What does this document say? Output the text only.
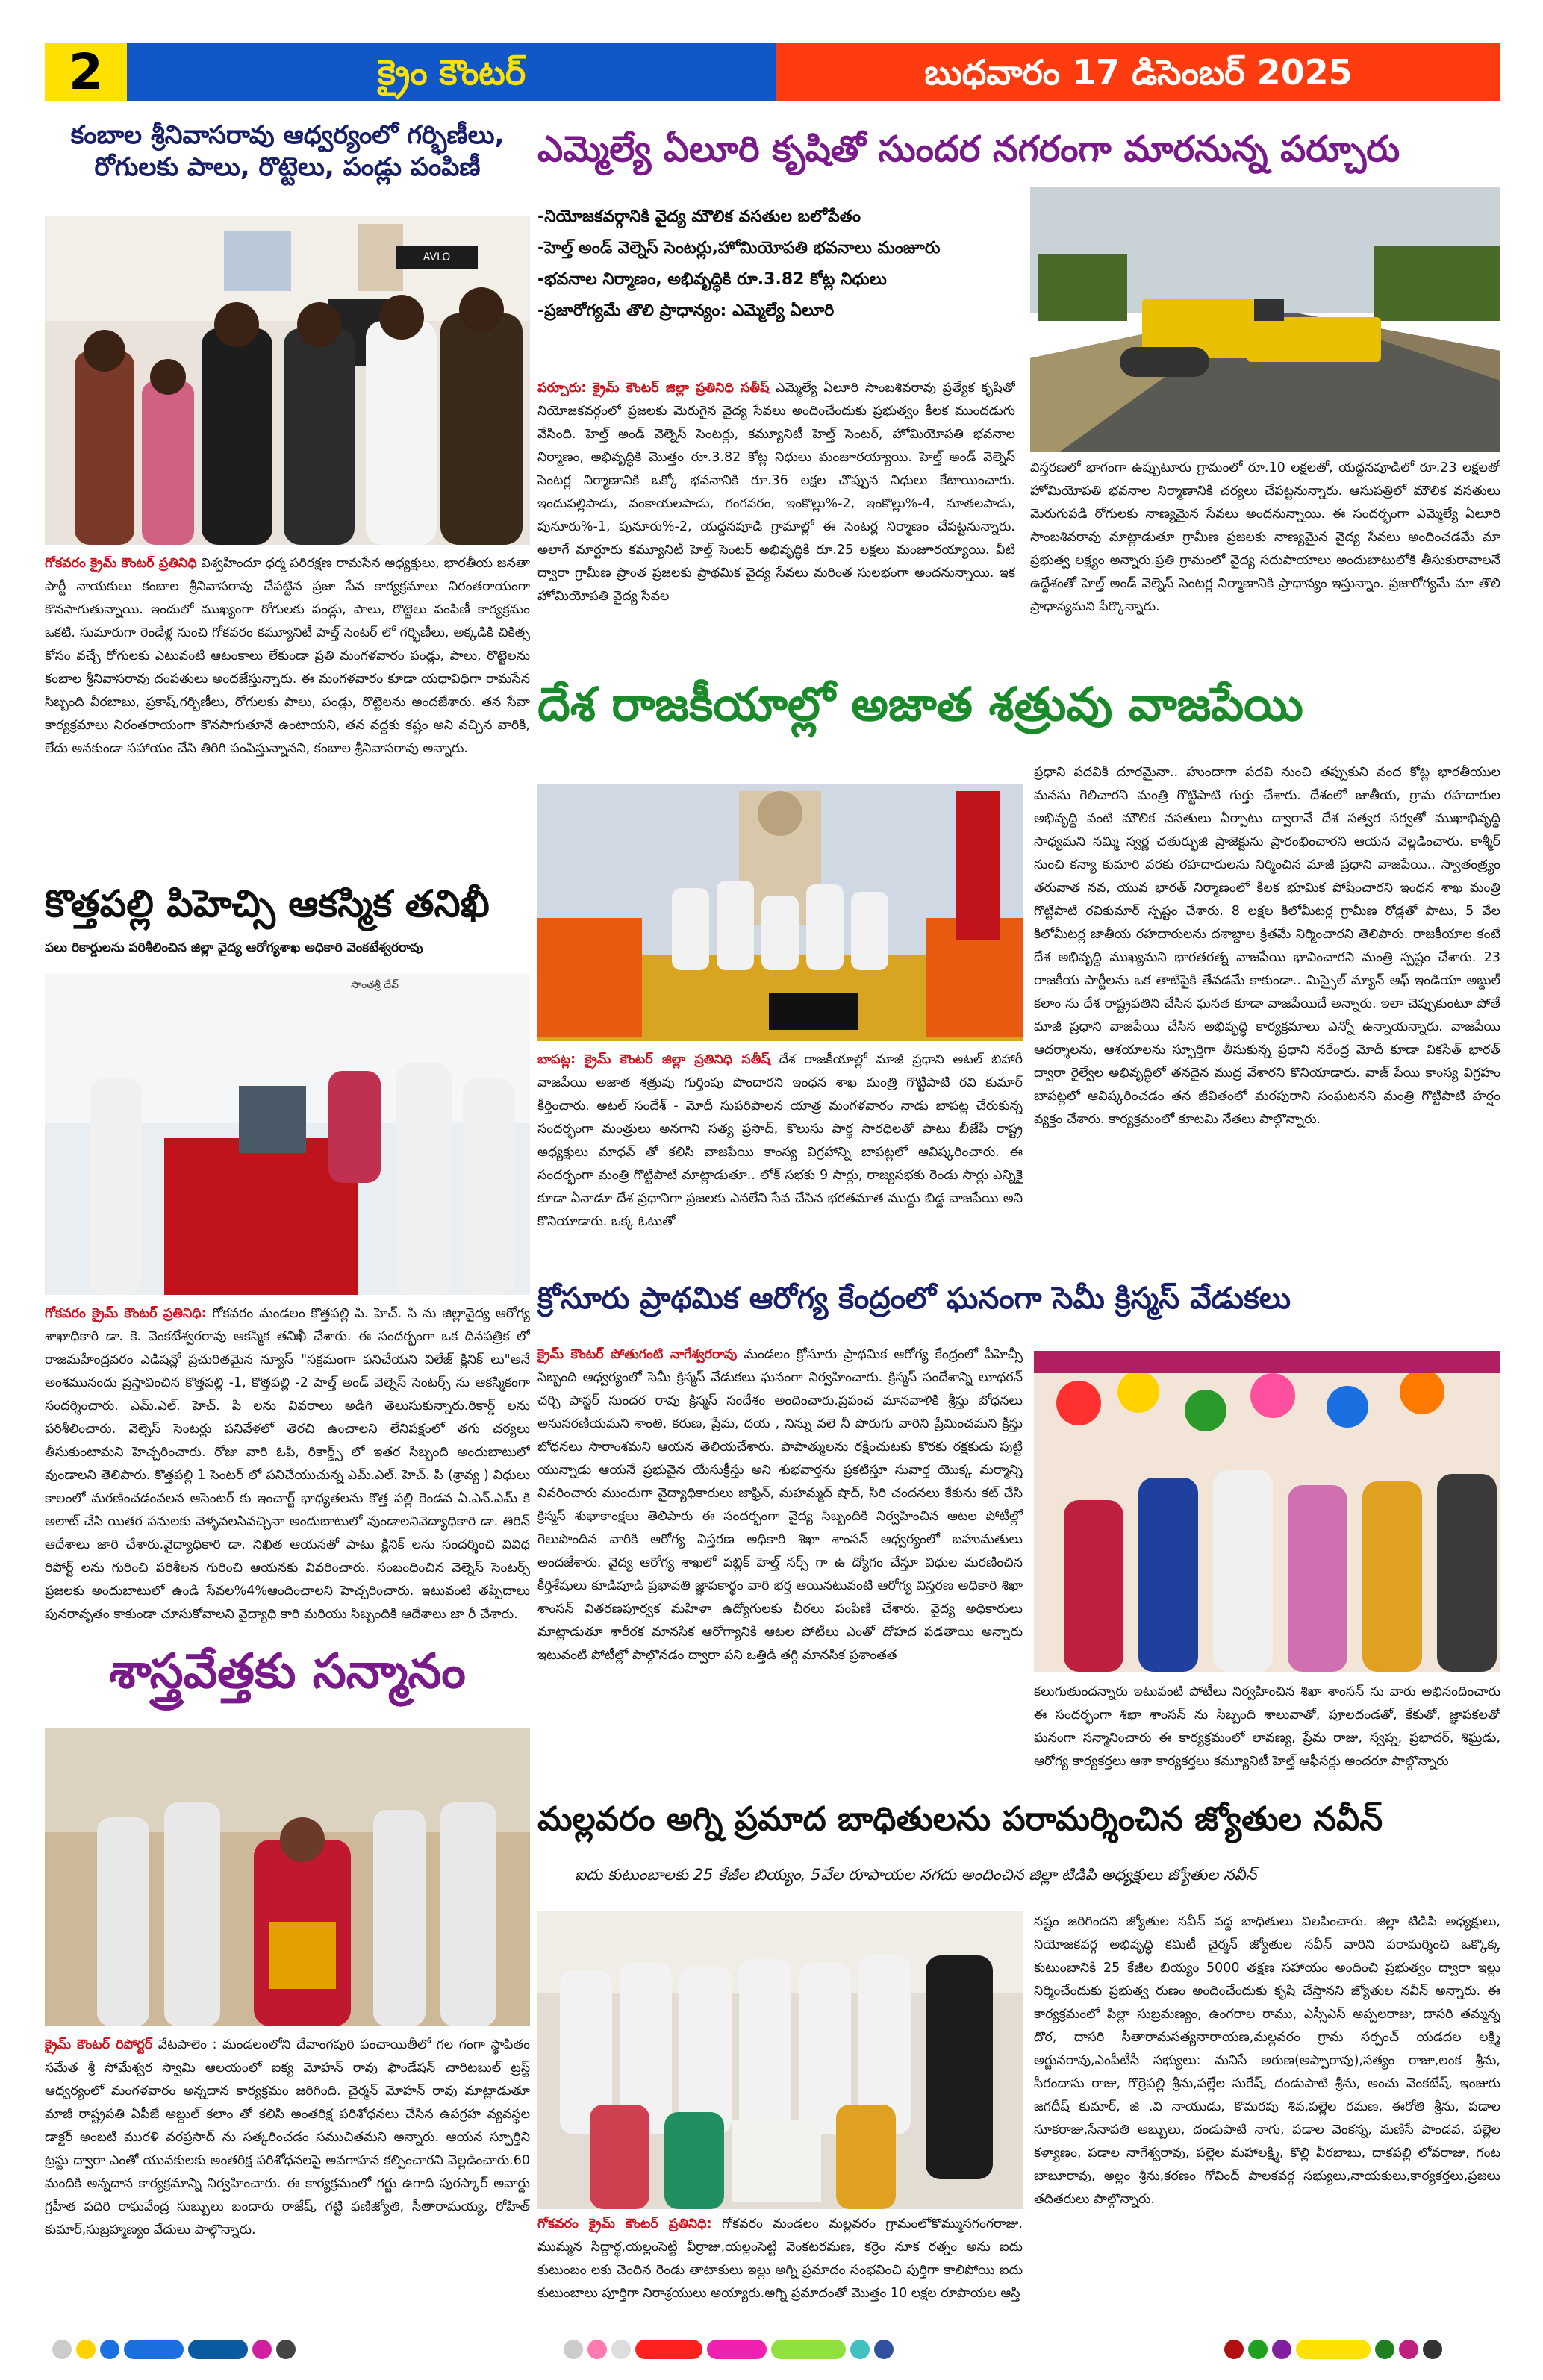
2	క్రైం కౌంటర్	బుధవారం 17 డిసెంబర్ 2025
కంబాల శ్రీనివాసరావు ఆధ్వర్యంలో గర్భిణీలు, రోగులకు పాలు, రొట్టెలు, పండ్లు పంపిణీ
AVLO
గోకవరం క్రైమ్ కౌంటర్ ప్రతినిధి విశ్వహిందూ ధర్మ పరిరక్షణ రామసేన అధ్యక్షులు, భారతీయ జనతా పార్టీ నాయకులు కంబాల శ్రీనివాసరావు చేపట్టిన ప్రజా సేవ కార్యక్రమాలు నిరంతరాయంగా కొనసాగుతున్నాయి. ఇందులో ముఖ్యంగా రోగులకు పండ్లు, పాలు, రొట్టెలు పంపిణీ కార్యక్రమం ఒకటి. సుమారుగా రెండేళ్ల నుంచి గోకవరం కమ్యూనిటీ హెల్త్ సెంటర్ లో గర్భిణీలు, అక్కడికి చికిత్స కోసం వచ్చే రోగులకు ఎటువంటి ఆటంకాలు లేకుండా ప్రతి మంగళవారం పండ్లు, పాలు, రొట్టెలను కంబాల శ్రీనివాసరావు దంపతులు అందజేస్తున్నారు. ఈ మంగళవారం కూడా యధావిధిగా రామసేన సిబ్బంది వీరబాబు, ప్రకాష్,గర్భిణీలు, రోగులకు పాలు, పండ్లు, రొట్టెలను అందజేశారు. తన సేవా కార్యక్రమాలు నిరంతరాయంగా కొనసాగుతూనే ఉంటాయని, తన వద్దకు కష్టం అని వచ్చిన వారికి, లేదు అనకుండా సహాయం చేసి తిరిగి పంపిస్తున్నానని, కంబాల శ్రీనివాసరావు అన్నారు.
ఎమ్మెల్యే ఏలూరి కృషితో సుందర నగరంగా మారనున్న పర్చూరు
-నియోజకవర్గానికి వైద్య మౌలిక వసతుల బలోపేతం
-హెల్త్ అండ్ వెల్నెస్ సెంటర్లు,హోమియోపతి భవనాలు మంజూరు
-భవనాల నిర్మాణం, అభివృద్ధికి రూ.3.82 కోట్ల నిధులు
-ప్రజారోగ్యమే తొలి ప్రాధాన్యం: ఎమ్మెల్యే ఏలూరి
పర్చూరు: క్రైమ్ కౌంటర్ జిల్లా ప్రతినిధి సతీష్ ఎమ్మెల్యే ఏలూరి సాంబశివరావు ప్రత్యేక కృషితో నియోజకవర్గంలో ప్రజలకు మెరుగైన వైద్య సేవలు అందించేందుకు ప్రభుత్వం కీలక ముందడుగు వేసింది. హెల్త్ అండ్ వెల్నెస్ సెంటర్లు, కమ్యూనిటీ హెల్త్ సెంటర్, హోమియోపతి భవనాల నిర్మాణం, అభివృద్ధికి మొత్తం రూ.3.82 కోట్ల నిధులు మంజూరయ్యాయి. హెల్త్ అండ్ వెల్నెస్ సెంటర్ల నిర్మాణానికి ఒక్కో భవనానికి రూ.36 లక్షల చొప్పున నిధులు కేటాయించారు. ఇందుపల్లిపాడు, వంకాయలపాడు, గంగవరం, ఇంకొల్లు%-2, ఇంకొల్లు%-4, నూతలపాడు, పునూరు%-1, పునూరు%-2, యద్దనపూడి గ్రామాల్లో ఈ సెంటర్ల నిర్మాణం చేపట్టనున్నారు. అలాగే మార్టూరు కమ్యూనిటీ హెల్త్ సెంటర్ అభివృద్ధికి రూ.25 లక్షలు మంజూరయ్యాయి. వీటి ద్వారా గ్రామీణ ప్రాంత ప్రజలకు ప్రాథమిక వైద్య సేవలు మరింత సులభంగా అందనున్నాయి. ఇక హోమియోపతి వైద్య సేవల
విస్తరణలో భాగంగా ఉప్పుటూరు గ్రామంలో రూ.10 లక్షలతో, యద్దనపూడిలో రూ.23 లక్షలతో హోమియోపతి భవనాల నిర్మాణానికి చర్యలు చేపట్టనున్నారు. ఆసుపత్రిలో మౌలిక వసతులు మెరుగుపడి రోగులకు నాణ్యమైన సేవలు అందనున్నాయి. ఈ సందర్భంగా ఎమ్మెల్యే ఏలూరి సాంబశివరావు మాట్లాడుతూ గ్రామీణ ప్రజలకు నాణ్యమైన వైద్య సేవలు అందించడమే మా ప్రభుత్వ లక్ష్యం అన్నారు.ప్రతి గ్రామంలో వైద్య సదుపాయాలు అందుబాటులోకి తీసుకురావాలనే ఉద్దేశంతో హెల్త్ అండ్ వెల్నెస్ సెంటర్ల నిర్మాణానికి ప్రాధాన్యం ఇస్తున్నాం. ప్రజారోగ్యమే మా తొలి ప్రాధాన్యమని పేర్కొన్నారు.
దేశ రాజకీయాల్లో అజాత శత్రువు వాజపేయి
బాపట్ల: క్రైమ్ కౌంటర్ జిల్లా ప్రతినిధి సతీష్ దేశ రాజకీయాల్లో మాజీ ప్రధాని అటల్ బిహారీ వాజపేయి అజాత శత్రువు గుర్తింపు పొందారని ఇంధన శాఖ మంత్రి గొట్టిపాటి రవి కుమార్ కీర్తించారు. అటల్ సందేశ్ - మోదీ సుపరిపాలన యాత్ర మంగళవారం నాడు బాపట్ల చేరుకున్న సందర్భంగా మంత్రులు అనగాని సత్య ప్రసాద్, కొలుసు పార్థ సారధిలతో పాటు బీజేపీ రాష్ట్ర అధ్యక్షులు మాధవ్ తో కలిసి వాజపేయి కాంస్య విగ్రహాన్ని బాపట్లలో ఆవిష్కరించారు. ఈ సందర్భంగా మంత్రి గొట్టిపాటి మాట్లాడుతూ.. లోక్ సభకు 9 సార్లు, రాజ్యసభకు రెండు సార్లు ఎన్నికై కూడా ఏనాడూ దేశ ప్రధానిగా ప్రజలకు ఎనలేని సేవ చేసిన భరతమాత ముద్దు బిడ్డ వాజపేయి అని కొనియాడారు. ఒక్క ఓటుతో
ప్రధాని పదవికి దూరమైనా.. హుందాగా పదవి నుంచి తప్పుకుని వంద కోట్ల భారతీయుల మనసు గెలిచారని మంత్రి గొట్టిపాటి గుర్తు చేశారు. దేశంలో జాతీయ, గ్రామ రహదారుల అభివృద్ధి వంటి మౌలిక వసతులు ఏర్పాటు ద్వారానే దేశ సత్వర సర్వతో ముఖాభివృద్ధి సాధ్యమని నమ్మి స్వర్ణ చతుర్భుజి ప్రాజెక్టును ప్రారంభించారని ఆయన వెల్లడించారు. కాశ్మీర్ నుంచి కన్యా కుమారి వరకు రహదారులను నిర్మించిన మాజీ ప్రధాని వాజపేయి.. స్వాతంత్ర్యం తరువాత నవ, యువ భారత్ నిర్మాణంలో కీలక భూమిక పోషించారని ఇంధన శాఖ మంత్రి గొట్టిపాటి రవికుమార్ స్పష్టం చేశారు. 8 లక్షల కిలోమీటర్ల గ్రామీణ రోడ్లతో పాటు, 5 వేల కిలోమీటర్ల జాతీయ రహదారులను దశాబ్దాల క్రితమే నిర్మించారని తెలిపారు. రాజకీయాల కంటే దేశ అభివృద్ధి ముఖ్యమని భారతరత్న వాజపేయి భావించారని మంత్రి స్పష్టం చేశారు. 23 రాజకీయ పార్టీలను ఒక తాటిపైకి తేవడమే కాకుండా.. మిస్సైల్ మ్యాన్ ఆఫ్ ఇండియా అబ్దుల్ కలాం ను దేశ రాష్ట్రపతిని చేసిన ఘనత కూడా వాజపేయిదే అన్నారు. ఇలా చెప్పుకుంటూ పోతే మాజీ ప్రధాని వాజపేయి చేసిన అభివృద్ధి కార్యక్రమాలు ఎన్నో ఉన్నాయన్నారు. వాజపేయి ఆదర్శాలను, ఆశయాలను స్ఫూర్తిగా తీసుకున్న ప్రధాని నరేంద్ర మోదీ కూడా వికసిత్ భారత్ ద్వారా రైల్వేల అభివృద్ధిలో తనదైన ముద్ర వేశారని కొనియాడారు. వాజ్ పేయి కాంస్య విగ్రహం బాపట్లలో ఆవిష్కరించడం తన జీవితంలో మరపురాని సంఘటనని మంత్రి గొట్టిపాటి హర్షం వ్యక్తం చేశారు. కార్యక్రమంలో కూటమి నేతలు పాల్గొన్నారు.
కొత్తపల్లి పిహెచ్సి ఆకస్మిక తనిఖీ
పలు రికార్డులను పరిశీలించిన జిల్లా వైద్య ఆరోగ్యశాఖ అధికారి వెంకటేశ్వరరావు
సొంతశ్రీ దేవ్
గోకవరం క్రైమ్ కౌంటర్ ప్రతినిధి: గోకవరం మండలం కొత్తపల్లి పి. హెచ్. సి ను జిల్లావైద్య ఆరోగ్య శాఖాధికారి డా. కె. వెంకటేశ్వరరావు ఆకస్మిక తనిఖీ చేశారు. ఈ సందర్భంగా ఒక దినపత్రిక లో రాజమహేంద్రవరం ఎడిషన్లో ప్రచురితమైన న్యూస్ "సక్రమంగా పనిచేయని విలేజ్ క్లినిక్ లు"అనే అంశమునందు ప్రస్తావించిన కొత్తపల్లి -1, కొత్తపల్లి -2 హెల్త్ అండ్ వెల్నెస్ సెంటర్స్ ను ఆకస్మికంగా సందర్శించారు. ఎమ్.ఎల్. హెచ్. పి లను వివరాలు అడిగి తెలుసుకున్నారు.రికార్డ్ లను పరిశీలించారు. వెల్నెస్ సెంటర్లు పనివేళలో తెరచి ఉంచాలని లేనిపక్షంలో తగు చర్యలు తీసుకుంటామని హెచ్చరించారు. రోజు వారి ఓపి, రికార్డ్స్ లో ఇతర సిబ్బంది అందుబాటులో వుండాలని తెలిపారు. కొత్తపల్లి 1 సెంటర్ లో పనిచేయుచున్న ఎమ్.ఎల్. హెచ్. పి (శ్రావ్య ) విధులు కాలంలో మరణించడంవలన ఆసెంటర్ కు ఇంచార్జ్ భాధ్యతలను కొత్త పల్లి రెండవ ఏ.ఎన్.ఎమ్ కి అలాట్ చేసి యితర పనులకు వెళ్ళవలసివచ్చినా అందుబాటులో వుండాలనివెద్యాధికారి డా. తిరిన్ ఆదేశాలు జారి చేశారు.వైద్యాధికారి డా. నిఖిత ఆయనతో పాటు క్లినిక్ లను సందర్శించి వివిధ రిపోర్ట్ లను గురించి పరిశీలన గురించి ఆయనకు వివరించారు. సంబంధించిన వెల్నెస్ సెంటర్స్ ప్రజలకు అందుబాటులో ఉండి సేవల%4%ఆందించాలని హెచ్చరించారు. ఇటువంటి తప్పిదాలు పునరావృతం కాకుండా చూసుకోవాలని వైద్యాధి కారి మరియు సిబ్బందికి ఆదేశాలు జా రీ చేశారు.
క్రోసూరు ప్రాథమిక ఆరోగ్య కేంద్రంలో ఘనంగా సెమీ క్రిస్మస్ వేడుకలు
క్రైమ్ కౌంటర్ పోతుగంటి నాగేశ్వరరావు మండలం క్రోసూరు ప్రాథమిక ఆరోగ్య కేంద్రంలో పీహెచ్సీ సిబ్బంది ఆధ్వర్యంలో సెమీ క్రిస్మస్ వేడుకలు ఘనంగా నిర్వహించారు. క్రిస్మస్ సందేశాన్ని లూథరన్ చర్చి పాస్టర్ సుందర రావు క్రిస్మస్ సందేశం అందించారు.ప్రపంచ మానవాళికి శ్రీస్తు బోధనలు అనుసరణీయమని శాంతి, కరుణ, ప్రేమ, దయ , నిన్ను వలె నీ పొరుగు వారిని ప్రేమించమని క్రీస్తు బోధనలు సారాంశమని ఆయన తెలియచేశారు. పాపాత్ములను రక్షించుటకు కొరకు రక్షకుడు పుట్టి యున్నాడు ఆయనే ప్రభువైన యేసుక్రీస్తు అని శుభవార్తను ప్రకటిస్తూ సువార్త యొక్క మర్మాన్ని వివరించారు ముందుగా వైద్యాధికారులు జాఫ్రిన్, మహమ్మద్ షాద్, సిరి చందనలు కేకును కట్ చేసి క్రిస్మస్ శుభాకాంక్షలు తెలిపారు ఈ సందర్భంగా వైద్య సిబ్బందికి నిర్వహించిన ఆటల పోటీల్లో గెలుపొందిన వారికి ఆరోగ్య విస్తరణ అధికారి శిఖా శాంసన్ ఆధ్వర్యంలో బహుమతులు అందజేశారు. వైద్య ఆరోగ్య శాఖలో పబ్లిక్ హెల్త్ నర్స్ గా ఉ ద్యోగం చేస్తూ విధుల మరణించిన కీర్తిశేషులు కూడిపూడి ప్రభావతి జ్ఞాపకార్థం వారి భర్త ఆయినటువంటి ఆరోగ్య విస్తరణ అధికారి శిఖా శాంసన్ వితరణపూర్వక మహిళా ఉద్యోగులకు చీరలు పంపిణీ చేశారు. వైద్య అధికారులు మాట్లాడుతూ శారీరక మానసిక ఆరోగ్యానికి ఆటల పోటీలు ఎంతో దోహద పడతాయి అన్నారు ఇటువంటి పోటీల్లో పాల్గొనడం ద్వారా పని ఒత్తిడి తగ్గి మానసిక ప్రశాంతత
కలుగుతుందన్నారు ఇటువంటి పోటీలు నిర్వహించిన శిఖా శాంసన్ ను వారు అభినందించారు ఈ సందర్భంగా శిఖా శాంసన్ ను సిబ్బంది శాలువాతో, పూలదండతో, కేకుతో, జ్ఞాపకలతో ఘనంగా సన్మానించారు ఈ కార్యక్రమంలో లావణ్య, ప్రేమ రాజు, స్వప్న, ప్రభాదర్, శిఘ్రడు, ఆరోగ్య కార్యకర్తలు ఆశా కార్యకర్తలు కమ్యూనిటీ హెల్త్ ఆఫీసర్లు అందరూ పాల్గొన్నారు
శాస్త్రవేత్తకు సన్మానం
క్రైమ్ కౌంటర్ రిపోర్టర్ వేటపాలెం : మండలంలోని దేవాంగపురి పంచాయితీలో గల గంగా స్థాపితం సమేత శ్రీ సోమేశ్వర స్వామి ఆలయంలో ఐక్య మోహన్ రావు ఫౌండేషన్ చారిటబుల్ ట్రస్ట్ ఆధ్వర్యంలో మంగళవారం అన్నదాన కార్యక్రమం జరిగింది. చైర్మన్ మోహన్ రావు మాట్లాడుతూ మాజీ రాష్ట్రపతి ఏపీజే అబ్దుల్ కలాం తో కలిసి అంతరిక్ష పరిశోధనలు చేసిన ఉపగ్రహ వ్యవస్థల డాక్టర్ అంబటి మురళి వరప్రసాద్ ను సత్కరించడం సముచితమని అన్నారు. ఆయన స్ఫూర్తిని ట్రస్టు ద్వారా ఎంతో యువకులకు అంతరిక్ష పరిశోధనలపై అవగాహన కల్పించారని వెల్లడించారు.60 మందికి అన్నదాన కార్యక్రమాన్ని నిర్వహించారు. ఈ కార్యక్రమంలో గర్జు ఉగాది పురస్కార్ అవార్డు గ్రహీత పదిరి రాఘవేంద్ర సుబ్బులు బందారు రాజేష్, గట్టి ఫణిజ్యోతి, సీతారామయ్య, రోహిత్ కుమార్,సుబ్రహ్మణ్యం వేదులు పాల్గొన్నారు.
మల్లవరం అగ్ని ప్రమాద బాధితులను పరామర్శించిన జ్యోతుల నవీన్
ఐదు కుటుంబాలకు 25 కేజీల బియ్యం, 5వేల రూపాయల నగదు అందించిన జిల్లా టిడిపి అధ్యక్షులు జ్యోతుల నవీన్
గోకవరం క్రైమ్ కౌంటర్ ప్రతినిధి: గోకవరం మండలం మల్లవరం గ్రామంలోకొమ్ముసగంగరాజు, ముమ్మన సిద్దార్థ,యల్లంసెట్టి వీర్రాజు,యల్లంసెట్టి వెంకటరమణ, కర్రెం నూక రత్నం అను ఐదు కుటుంబం లకు చెందిన రెండు తాటాకులు ఇల్లు అగ్ని ప్రమాదం సంభవించి పుర్తిగా కాలిపోయి ఐదు కుటుంబాలు పూర్తిగా నిరాశ్రయులు అయ్యారు.అగ్ని ప్రమాదంతో మొత్తం 10 లక్షల రూపాయల ఆస్తి
నష్టం జరిగిందని జ్యోతుల నవీన్ వద్ద బాధితులు విలపించారు. జిల్లా టిడిపి అధ్యక్షులు, నియోజకవర్గ అభివృద్ధి కమిటీ చైర్మన్ జ్యోతుల నవీన్ వారిని పరామర్శించి ఒక్కొక్క కుటుంబానికి 25 కేజీల బియ్యం 5000 తక్షణ సహాయం అందించి ప్రభుత్వం ద్వారా ఇల్లు నిర్మించేందుకు ప్రభుత్వ రుణం అందించేందుకు కృషి చేస్తానని జ్యోతుల నవీన్ అన్నారు. ఈ కార్యక్రమంలో పిల్లా సుబ్రమణ్యం, ఉంగరాల రాము, ఎస్సీఎస్ అప్పలరాజు, దాసరి తమ్మన్న దొర, దాసరి సీతారామసత్యనారాయణ,మల్లవరం గ్రామ సర్పంచ్ యడదల లక్ష్మి అర్జునరావు,ఎంపీటీసీ సభ్యులు: మనిసే అరుణ(అప్పారావు),సత్యం రాజా,లంక శ్రీను, సీరందాసు రాజు, గొర్రెపల్లి శ్రీను,పల్లేల సురేష్, దండుపాటి శ్రీను, అంచు వెంకటేష్, ఇంజురు జగదీష్ కుమార్, జి .వి నాయుడు, కొమరపు శివ,పల్లెల రమణ, ఈరోతి శ్రీను, పడాల సూకరాజు,సేనాపతి అబ్బులు, దండుపాటి నాగు, పడాల వెంకన్న, మణిసే పాండవ, పల్లెల కళ్యాణం, పడాల నాగేశ్వరావు, పల్లెల మహాలక్ష్మి, కొల్లి వీరబాబు, దాకపల్లి లోవరాజు, గంట బాబూరావు, అల్లం శ్రీను,కరణం గోవింద్ పాలకవర్గ సభ్యులు,నాయకులు,కార్యకర్తలు,ప్రజలు తదితరులు పాల్గొన్నారు.
